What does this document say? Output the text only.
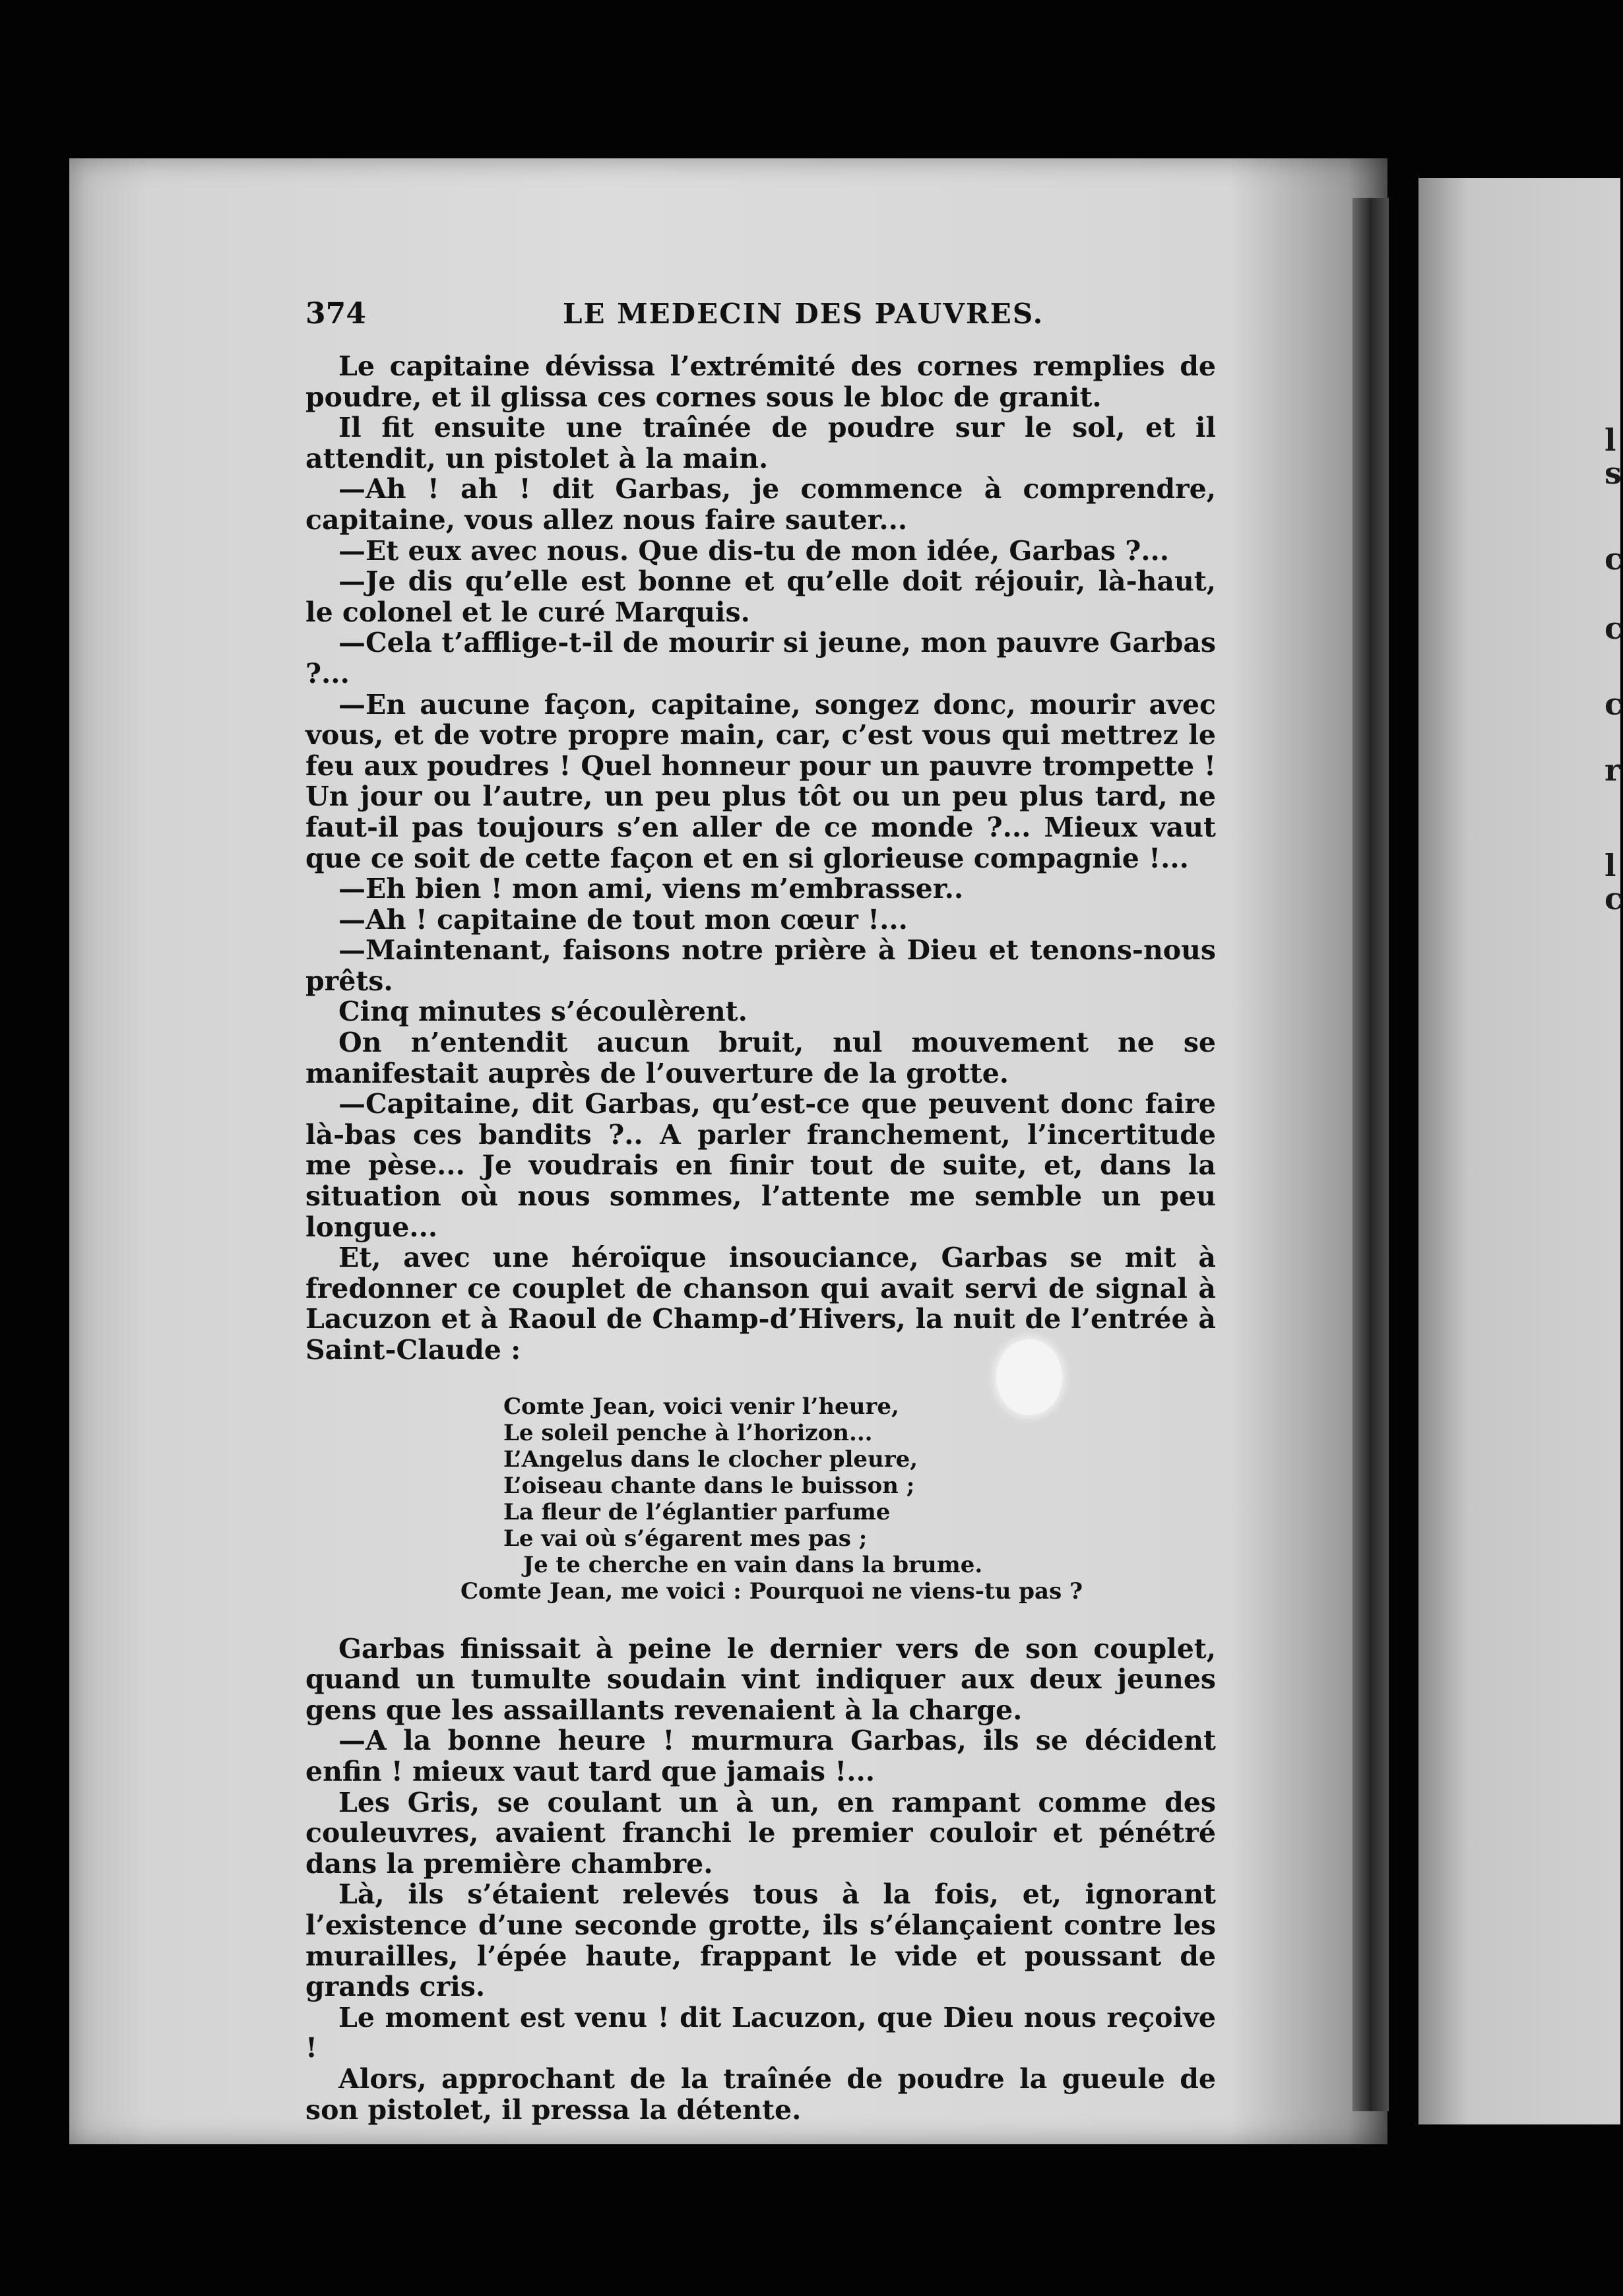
l
s
c
c
c
r
l
c
374	LE MEDECIN DES PAUVRES.

Le capitaine dévissa l’extrémité des cornes remplies de poudre, et il glissa ces cornes sous le bloc de granit.

Il fit ensuite une traînée de poudre sur le sol, et il attendit, un pistolet à la main.

—Ah ! ah ! dit Garbas, je commence à comprendre, capitaine, vous allez nous faire sauter...

—Et eux avec nous. Que dis-tu de mon idée, Garbas ?...

—Je dis qu’elle est bonne et qu’elle doit réjouir, là-haut, le colonel et le curé Marquis.

—Cela t’afflige-t-il de mourir si jeune, mon pauvre Garbas ?...

—En aucune façon, capitaine, songez donc, mourir avec vous, et de votre propre main, car, c’est vous qui mettrez le feu aux poudres ! Quel honneur pour un pauvre trompette ! Un jour ou l’autre, un peu plus tôt ou un peu plus tard, ne faut-il pas toujours s’en aller de ce monde ?... Mieux vaut que ce soit de cette façon et en si glorieuse compagnie !...

—Eh bien ! mon ami, viens m’embrasser..

—Ah ! capitaine de tout mon cœur !...

—Maintenant, faisons notre prière à Dieu et tenons-nous prêts.

Cinq minutes s’écoulèrent.

On n’entendit aucun bruit, nul mouvement ne se manifestait auprès de l’ouverture de la grotte.

—Capitaine, dit Garbas, qu’est-ce que peuvent donc faire là-bas ces bandits ?.. A parler franchement, l’incertitude me pèse... Je voudrais en finir tout de suite, et, dans la situation où nous sommes, l’attente me semble un peu longue...

Et, avec une héroïque insouciance, Garbas se mit à fredonner ce couplet de chanson qui avait servi de signal à Lacuzon et à Raoul de Champ-d’Hivers, la nuit de l’entrée à Saint-Claude :

Comte Jean, voici venir l’heure,
Le soleil penche à l’horizon...
L’Angelus dans le clocher pleure,
L’oiseau chante dans le buisson ;
La fleur de l’églantier parfume
Le vai où s’égarent mes pas ;
Je te cherche en vain dans la brume.
Comte Jean, me voici : Pourquoi ne viens-tu pas ?

Garbas finissait à peine le dernier vers de son couplet, quand un tumulte soudain vint indiquer aux deux jeunes gens que les assaillants revenaient à la charge.

—A la bonne heure ! murmura Garbas, ils se décident enfin ! mieux vaut tard que jamais !...

Les Gris, se coulant un à un, en rampant comme des couleuvres, avaient franchi le premier couloir et pénétré dans la première chambre.

Là, ils s’étaient relevés tous à la fois, et, ignorant l’existence d’une seconde grotte, ils s’élançaient contre les murailles, l’épée haute, frappant le vide et poussant de grands cris.

Le moment est venu ! dit Lacuzon, que Dieu nous reçoive !

Alors, approchant de la traînée de poudre la gueule de son pistolet, il pressa la détente.
